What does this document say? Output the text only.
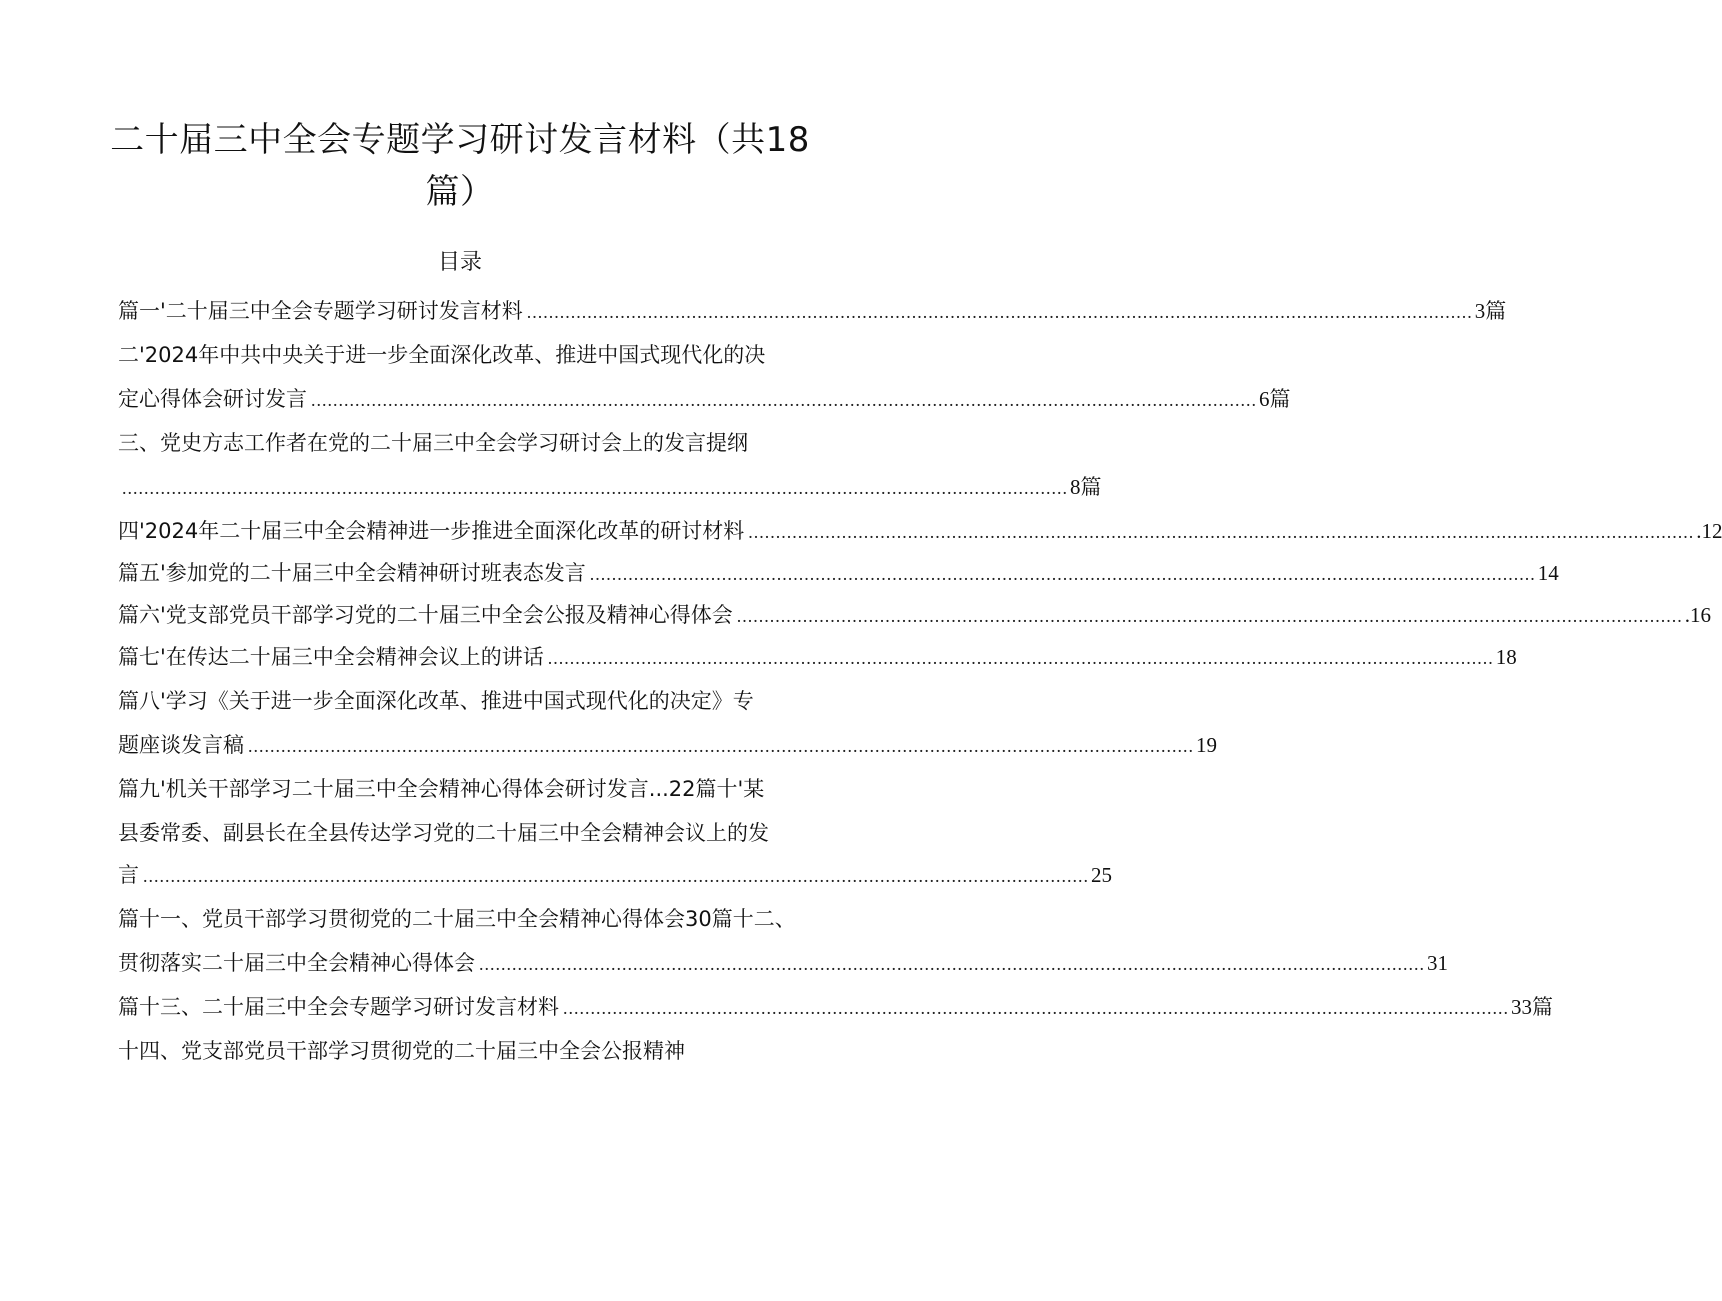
二十届三中全会专题学习研讨发言材料（共18
篇）
目录
篇一'二十届三中全会专题学习研讨发言材料 ............................................................................................................................................................................ 3 篇
二'2024年中共中央关于进一步全面深化改革、推进中国式现代化的决
定心得体会研讨发言 ............................................................................................................................................................................ 6 篇
三、党史方志工作者在党的二十届三中全会学习研讨会上的发言提纲
............................................................................................................................................................................ 8 篇
四'2024年二十届三中全会精神进一步推进全面深化改革的研讨材料 ............................................................................................................................................................................ .12
篇五'参加党的二十届三中全会精神研讨班表态发言 ............................................................................................................................................................................ 14
篇六'党支部党员干部学习党的二十届三中全会公报及精神心得体会 ............................................................................................................................................................................ .16
篇七'在传达二十届三中全会精神会议上的讲话 ............................................................................................................................................................................ 18
篇八'学习《关于进一步全面深化改革、推进中国式现代化的决定》专
题座谈发言稿 ............................................................................................................................................................................ 19
篇九'机关干部学习二十届三中全会精神心得体会研讨发言...22篇十'某
县委常委、副县长在全县传达学习党的二十届三中全会精神会议上的发
言 ............................................................................................................................................................................ 25
篇十一、党员干部学习贯彻党的二十届三中全会精神心得体会30篇十二、
贯彻落实二十届三中全会精神心得体会 ............................................................................................................................................................................ 31
篇十三、二十届三中全会专题学习研讨发言材料 ............................................................................................................................................................................ 33 篇
十四、党支部党员干部学习贯彻党的二十届三中全会公报精神
